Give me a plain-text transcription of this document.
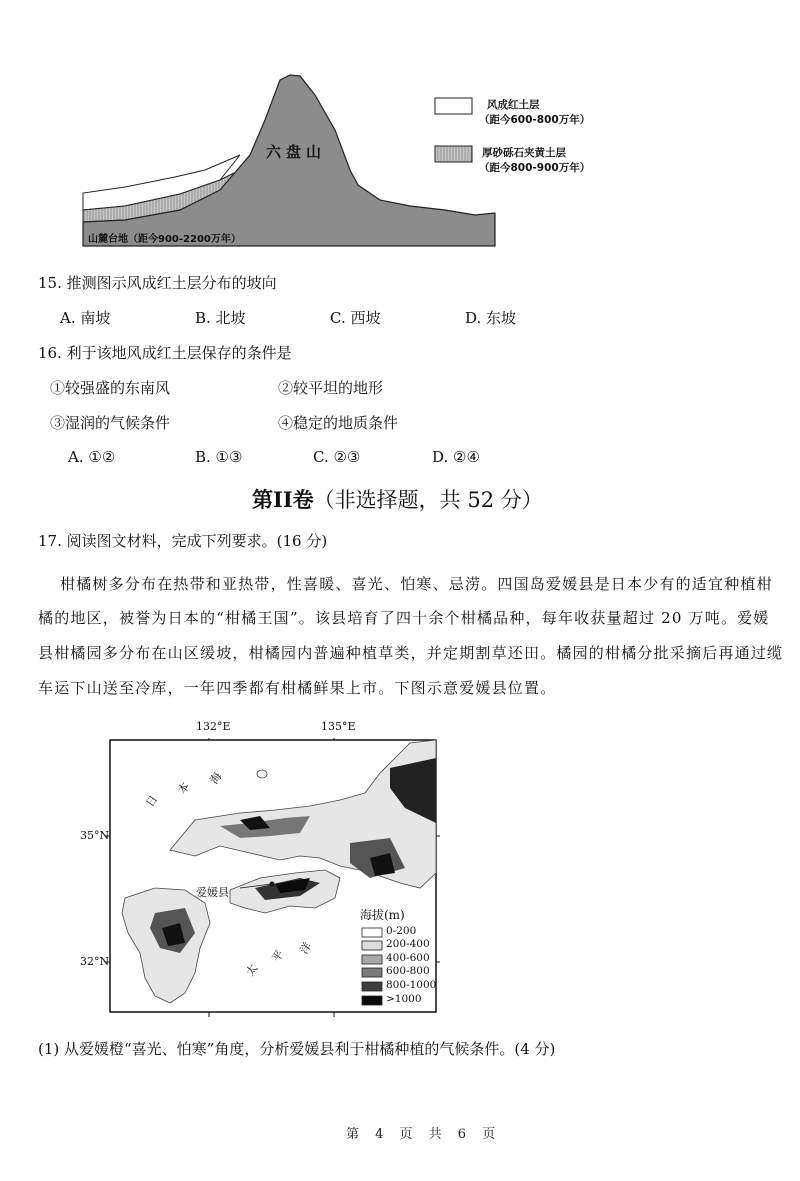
六盘山
山麓台地（距今900-2200万年）
风成红土层
（距今600-800万年）
厚砂砾石夹黄土层
（距今800-900万年）
15. 推测图示风成红土层分布的坡向
A. 南坡	B. 北坡	C. 西坡	D. 东坡
16. 利于该地风成红土层保存的条件是
①较强盛的东南风	②较平坦的地形
③湿润的气候条件	④稳定的地质条件
A. ①②	B. ①③	C. ②③	D. ②④
第II卷（非选择题，共 52 分）
17. 阅读图文材料，完成下列要求。(16 分)
柑橘树多分布在热带和亚热带，性喜暖、喜光、怕寒、忌涝。四国岛爱媛县是日本少有的适宜种植柑
橘的地区，被誉为日本的“柑橘王国”。该县培育了四十余个柑橘品种，每年收获量超过 20 万吨。爱媛
县柑橘园多分布在山区缓坡，柑橘园内普遍种植草类，并定期割草还田。橘园的柑橘分批采摘后再通过缆
车运下山送至冷库，一年四季都有柑橘鲜果上市。下图示意爱媛县位置。
132°E	135°E
35°N
32°N
日
本
海
太
平 洋
爱媛县
海拔(m)
0-200
200-400
400-600
600-800
800-1000
>1000
(1) 从爱媛橙“喜光、怕寒”角度，分析爱媛县利于柑橘种植的气候条件。(4 分)
第 4 页 共 6 页
